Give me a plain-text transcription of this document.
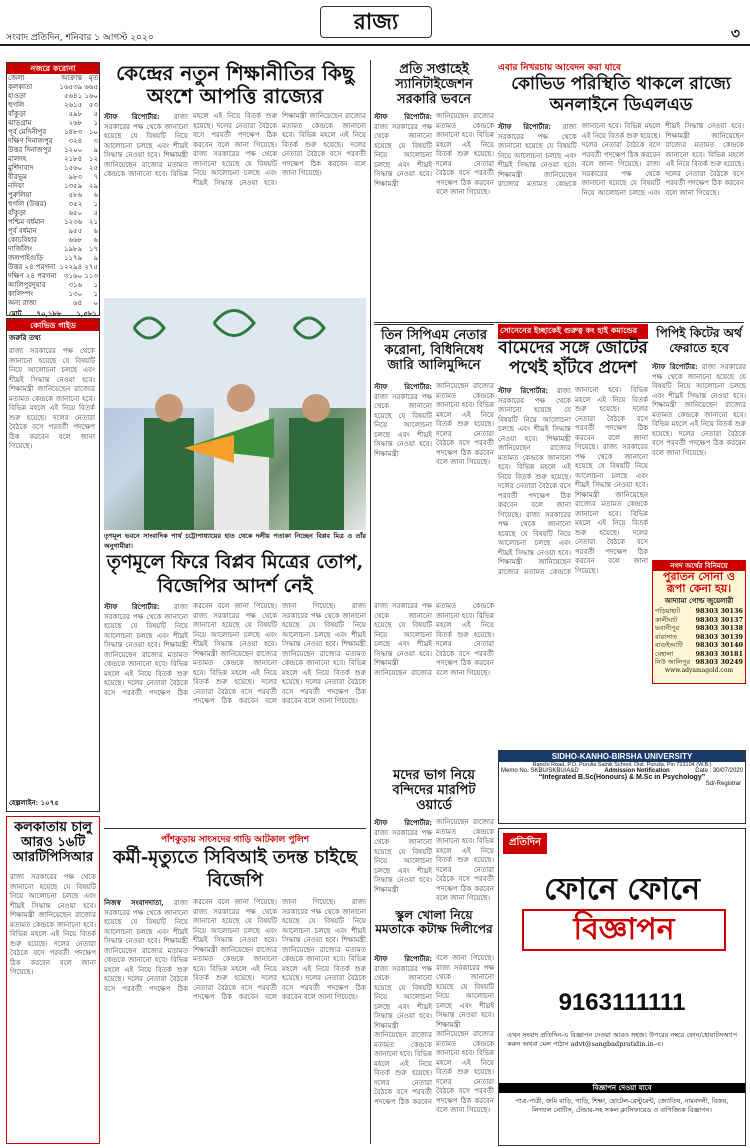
সংবাদ প্রতিদিন, শনিবার ১ আগস্ট ২০২০
রাজ্য	৩
নজরে করোনা
জেলা	আক্রান্ত	মৃত
কলকাতা	১৬৫৩৯	৬৬৫
হাওড়া	৫৬৪১	১৬০
হুগলি	২৬১৫	৫৩
বাঁকুড়া	৫৯৮	৫
ঝাড়গ্রাম	২৬৮	১
পূর্ব মেদিনীপুর	১৪৮৩	১০
দক্ষিণ দিনাজপুর	৩২৪	৩
উত্তর দিনাজপুর	১২০০	৯
মালদহ	২১৮৪	১২
মুর্শিদাবাদ	১৫৬০	২৫
বীরভূম	৯৮৩	৭
নদিয়া	১৩৫৯	২৯
পুরুলিয়া	৫৮৬	৬
হুগলি (উত্তর)	৩৫২	১
বাঁকুড়া	৬৫০	৫
পশ্চিম বর্ধমান	১২৩৬	২১
পূর্ব বর্ধমান	৯৫৫	৬
কোচবিহার	৬৬৮	৬
দার্জিলিং	১৯৮৯	১৭
জলপাইগুড়ি	১১৭৯	৯
উত্তর ২৪ পরগনা	১২২৯৪	২৭৫
দক্ষিণ ২৪ পরগনা	৩১৬০	১১৩
আলিপুরদুয়ার	৩১৬	১
কালিম্পং	১৩০	১
অন্য রাজ্য	৬৪	০
মোট ৭০,১৮৮ ১,৫৮১
কোভিড গাইড
জরুরি তথ্য
রাজ্য সরকারের পক্ষ থেকে জানানো হয়েছে যে বিষয়টি নিয়ে আলোচনা চলছে এবং শীঘ্রই সিদ্ধান্ত নেওয়া হবে। শিক্ষামন্ত্রী জানিয়েছেন রাজ্যের মতামত কেন্দ্রকে জানানো হবে। বিভিন্ন মহলে এই নিয়ে বিতর্ক শুরু হয়েছে। দলের নেতারা বৈঠকে বসে পরবর্তী পদক্ষেপ ঠিক করবেন বলে জানা গিয়েছে।
হেল্পলাইন: ১০৭৫
কলকাতায় চালু আরও ১৬টি আরটিপিসিআর
রাজ্য সরকারের পক্ষ থেকে জানানো হয়েছে যে বিষয়টি নিয়ে আলোচনা চলছে এবং শীঘ্রই সিদ্ধান্ত নেওয়া হবে। শিক্ষামন্ত্রী জানিয়েছেন রাজ্যের মতামত কেন্দ্রকে জানানো হবে। বিভিন্ন মহলে এই নিয়ে বিতর্ক শুরু হয়েছে। দলের নেতারা বৈঠকে বসে পরবর্তী পদক্ষেপ ঠিক করবেন বলে জানা গিয়েছে।
কেন্দ্রের নতুন শিক্ষানীতির কিছু অংশে আপত্তি রাজ্যের
স্টাফ রিপোর্টার: রাজ্য সরকারের পক্ষ থেকে জানানো হয়েছে যে বিষয়টি নিয়ে আলোচনা চলছে এবং শীঘ্রই সিদ্ধান্ত নেওয়া হবে। শিক্ষামন্ত্রী জানিয়েছেন রাজ্যের মতামত কেন্দ্রকে জানানো হবে। বিভিন্ন মহলে এই নিয়ে বিতর্ক শুরু হয়েছে। দলের নেতারা বৈঠকে বসে পরবর্তী পদক্ষেপ ঠিক করবেন বলে জানা গিয়েছে। রাজ্য সরকারের পক্ষ থেকে জানানো হয়েছে যে বিষয়টি নিয়ে আলোচনা চলছে এবং শীঘ্রই সিদ্ধান্ত নেওয়া হবে। শিক্ষামন্ত্রী জানিয়েছেন রাজ্যের মতামত কেন্দ্রকে জানানো হবে। বিভিন্ন মহলে এই নিয়ে বিতর্ক শুরু হয়েছে। দলের নেতারা বৈঠকে বসে পরবর্তী পদক্ষেপ ঠিক করবেন বলে জানা গিয়েছে।
তৃণমূল ভবনে সাংবাদিক পার্থ চট্টোপাধ্যায়ের হাত থেকে দলীয় পতাকা নিচ্ছেন বিপ্লব মিত্র ও তাঁর অনুগামীরা।
তৃণমূলে ফিরে বিপ্লব মিত্রের তোপ, বিজেপির আদর্শ নেই
স্টাফ রিপোর্টার: রাজ্য সরকারের পক্ষ থেকে জানানো হয়েছে যে বিষয়টি নিয়ে আলোচনা চলছে এবং শীঘ্রই সিদ্ধান্ত নেওয়া হবে। শিক্ষামন্ত্রী জানিয়েছেন রাজ্যের মতামত কেন্দ্রকে জানানো হবে। বিভিন্ন মহলে এই নিয়ে বিতর্ক শুরু হয়েছে। দলের নেতারা বৈঠকে বসে পরবর্তী পদক্ষেপ ঠিক করবেন বলে জানা গিয়েছে। রাজ্য সরকারের পক্ষ থেকে জানানো হয়েছে যে বিষয়টি নিয়ে আলোচনা চলছে এবং শীঘ্রই সিদ্ধান্ত নেওয়া হবে। শিক্ষামন্ত্রী জানিয়েছেন রাজ্যের মতামত কেন্দ্রকে জানানো হবে। বিভিন্ন মহলে এই নিয়ে বিতর্ক শুরু হয়েছে। দলের নেতারা বৈঠকে বসে পরবর্তী পদক্ষেপ ঠিক করবেন বলে জানা গিয়েছে। রাজ্য সরকারের পক্ষ থেকে জানানো হয়েছে যে বিষয়টি নিয়ে আলোচনা চলছে এবং শীঘ্রই সিদ্ধান্ত নেওয়া হবে। শিক্ষামন্ত্রী জানিয়েছেন রাজ্যের মতামত কেন্দ্রকে জানানো হবে। বিভিন্ন মহলে এই নিয়ে বিতর্ক শুরু হয়েছে। দলের নেতারা বৈঠকে বসে পরবর্তী পদক্ষেপ ঠিক করবেন বলে জানা গিয়েছে।
পাঁশকুড়ায় সাংসদের গাড়ি আটকাল পুলিশ
কর্মী-মৃত্যুতে সিবিআই তদন্ত চাইছে বিজেপি
নিজস্ব সংবাদদাতা, রাজ্য সরকারের পক্ষ থেকে জানানো হয়েছে যে বিষয়টি নিয়ে আলোচনা চলছে এবং শীঘ্রই সিদ্ধান্ত নেওয়া হবে। শিক্ষামন্ত্রী জানিয়েছেন রাজ্যের মতামত কেন্দ্রকে জানানো হবে। বিভিন্ন মহলে এই নিয়ে বিতর্ক শুরু হয়েছে। দলের নেতারা বৈঠকে বসে পরবর্তী পদক্ষেপ ঠিক করবেন বলে জানা গিয়েছে। রাজ্য সরকারের পক্ষ থেকে জানানো হয়েছে যে বিষয়টি নিয়ে আলোচনা চলছে এবং শীঘ্রই সিদ্ধান্ত নেওয়া হবে। শিক্ষামন্ত্রী জানিয়েছেন রাজ্যের মতামত কেন্দ্রকে জানানো হবে। বিভিন্ন মহলে এই নিয়ে বিতর্ক শুরু হয়েছে। দলের নেতারা বৈঠকে বসে পরবর্তী পদক্ষেপ ঠিক করবেন বলে জানা গিয়েছে। রাজ্য সরকারের পক্ষ থেকে জানানো হয়েছে যে বিষয়টি নিয়ে আলোচনা চলছে এবং শীঘ্রই সিদ্ধান্ত নেওয়া হবে। শিক্ষামন্ত্রী জানিয়েছেন রাজ্যের মতামত কেন্দ্রকে জানানো হবে। বিভিন্ন মহলে এই নিয়ে বিতর্ক শুরু হয়েছে। দলের নেতারা বৈঠকে বসে পরবর্তী পদক্ষেপ ঠিক করবেন বলে জানা গিয়েছে।
প্রতি সপ্তাহেই স্যানিটাইজেশন সরকারি ভবনে
স্টাফ রিপোর্টার: রাজ্য সরকারের পক্ষ থেকে জানানো হয়েছে যে বিষয়টি নিয়ে আলোচনা চলছে এবং শীঘ্রই সিদ্ধান্ত নেওয়া হবে। শিক্ষামন্ত্রী জানিয়েছেন রাজ্যের মতামত কেন্দ্রকে জানানো হবে। বিভিন্ন মহলে এই নিয়ে বিতর্ক শুরু হয়েছে। দলের নেতারা বৈঠকে বসে পরবর্তী পদক্ষেপ ঠিক করবেন বলে জানা গিয়েছে।
তিন সিপিএম নেতার করোনা, বিধিনিষেধ জারি আলিমুদ্দিনে
স্টাফ রিপোর্টার: রাজ্য সরকারের পক্ষ থেকে জানানো হয়েছে যে বিষয়টি নিয়ে আলোচনা চলছে এবং শীঘ্রই সিদ্ধান্ত নেওয়া হবে। শিক্ষামন্ত্রী জানিয়েছেন রাজ্যের মতামত কেন্দ্রকে জানানো হবে। বিভিন্ন মহলে এই নিয়ে বিতর্ক শুরু হয়েছে। দলের নেতারা বৈঠকে বসে পরবর্তী পদক্ষেপ ঠিক করবেন বলে জানা গিয়েছে।
রাজ্য সরকারের পক্ষ থেকে জানানো হয়েছে যে বিষয়টি নিয়ে আলোচনা চলছে এবং শীঘ্রই সিদ্ধান্ত নেওয়া হবে। শিক্ষামন্ত্রী জানিয়েছেন রাজ্যের মতামত কেন্দ্রকে জানানো হবে। বিভিন্ন মহলে এই নিয়ে বিতর্ক শুরু হয়েছে। দলের নেতারা বৈঠকে বসে পরবর্তী পদক্ষেপ ঠিক করবেন বলে জানা গিয়েছে।
মদের ভাগ নিয়ে বন্দিদের মারপিট ওয়ার্ডে
স্টাফ রিপোর্টার: রাজ্য সরকারের পক্ষ থেকে জানানো হয়েছে যে বিষয়টি নিয়ে আলোচনা চলছে এবং শীঘ্রই সিদ্ধান্ত নেওয়া হবে। শিক্ষামন্ত্রী জানিয়েছেন রাজ্যের মতামত কেন্দ্রকে জানানো হবে। বিভিন্ন মহলে এই নিয়ে বিতর্ক শুরু হয়েছে। দলের নেতারা বৈঠকে বসে পরবর্তী পদক্ষেপ ঠিক করবেন বলে জানা গিয়েছে।
স্কুল খোলা নিয়ে মমতাকে কটাক্ষ দিলীপের
স্টাফ রিপোর্টার: রাজ্য সরকারের পক্ষ থেকে জানানো হয়েছে যে বিষয়টি নিয়ে আলোচনা চলছে এবং শীঘ্রই সিদ্ধান্ত নেওয়া হবে। শিক্ষামন্ত্রী জানিয়েছেন রাজ্যের মতামত কেন্দ্রকে জানানো হবে। বিভিন্ন মহলে এই নিয়ে বিতর্ক শুরু হয়েছে। দলের নেতারা বৈঠকে বসে পরবর্তী পদক্ষেপ ঠিক করবেন বলে জানা গিয়েছে। রাজ্য সরকারের পক্ষ থেকে জানানো হয়েছে যে বিষয়টি নিয়ে আলোচনা চলছে এবং শীঘ্রই সিদ্ধান্ত নেওয়া হবে। শিক্ষামন্ত্রী জানিয়েছেন রাজ্যের মতামত কেন্দ্রকে জানানো হবে। বিভিন্ন মহলে এই নিয়ে বিতর্ক শুরু হয়েছে। দলের নেতারা বৈঠকে বসে পরবর্তী পদক্ষেপ ঠিক করবেন বলে জানা গিয়েছে।
এবার নিখরচায় আবেদন করা যাবে
কোভিড পরিস্থিতি থাকলে রাজ্যে অনলাইনে ডিএলএড
স্টাফ রিপোর্টার: রাজ্য সরকারের পক্ষ থেকে জানানো হয়েছে যে বিষয়টি নিয়ে আলোচনা চলছে এবং শীঘ্রই সিদ্ধান্ত নেওয়া হবে। শিক্ষামন্ত্রী জানিয়েছেন রাজ্যের মতামত কেন্দ্রকে জানানো হবে। বিভিন্ন মহলে এই নিয়ে বিতর্ক শুরু হয়েছে। দলের নেতারা বৈঠকে বসে পরবর্তী পদক্ষেপ ঠিক করবেন বলে জানা গিয়েছে। রাজ্য সরকারের পক্ষ থেকে জানানো হয়েছে যে বিষয়টি নিয়ে আলোচনা চলছে এবং শীঘ্রই সিদ্ধান্ত নেওয়া হবে। শিক্ষামন্ত্রী জানিয়েছেন রাজ্যের মতামত কেন্দ্রকে জানানো হবে। বিভিন্ন মহলে এই নিয়ে বিতর্ক শুরু হয়েছে। দলের নেতারা বৈঠকে বসে পরবর্তী পদক্ষেপ ঠিক করবেন বলে জানা গিয়েছে।
সোনেনের ইচ্ছাকেই গুরুত্ব কং হাই কমান্ডের
বামেদের সঙ্গে জোটের পথেই হাঁটবে প্রদেশ
স্টাফ রিপোর্টার: রাজ্য সরকারের পক্ষ থেকে জানানো হয়েছে যে বিষয়টি নিয়ে আলোচনা চলছে এবং শীঘ্রই সিদ্ধান্ত নেওয়া হবে। শিক্ষামন্ত্রী জানিয়েছেন রাজ্যের মতামত কেন্দ্রকে জানানো হবে। বিভিন্ন মহলে এই নিয়ে বিতর্ক শুরু হয়েছে। দলের নেতারা বৈঠকে বসে পরবর্তী পদক্ষেপ ঠিক করবেন বলে জানা গিয়েছে। রাজ্য সরকারের পক্ষ থেকে জানানো হয়েছে যে বিষয়টি নিয়ে আলোচনা চলছে এবং শীঘ্রই সিদ্ধান্ত নেওয়া হবে। শিক্ষামন্ত্রী জানিয়েছেন রাজ্যের মতামত কেন্দ্রকে জানানো হবে। বিভিন্ন মহলে এই নিয়ে বিতর্ক শুরু হয়েছে। দলের নেতারা বৈঠকে বসে পরবর্তী পদক্ষেপ ঠিক করবেন বলে জানা গিয়েছে। রাজ্য সরকারের পক্ষ থেকে জানানো হয়েছে যে বিষয়টি নিয়ে আলোচনা চলছে এবং শীঘ্রই সিদ্ধান্ত নেওয়া হবে। শিক্ষামন্ত্রী জানিয়েছেন রাজ্যের মতামত কেন্দ্রকে জানানো হবে। বিভিন্ন মহলে এই নিয়ে বিতর্ক শুরু হয়েছে। দলের নেতারা বৈঠকে বসে পরবর্তী পদক্ষেপ ঠিক করবেন বলে জানা গিয়েছে।
পিপিই কিটের অর্থ ফেরাতে হবে
স্টাফ রিপোর্টার: রাজ্য সরকারের পক্ষ থেকে জানানো হয়েছে যে বিষয়টি নিয়ে আলোচনা চলছে এবং শীঘ্রই সিদ্ধান্ত নেওয়া হবে। শিক্ষামন্ত্রী জানিয়েছেন রাজ্যের মতামত কেন্দ্রকে জানানো হবে। বিভিন্ন মহলে এই নিয়ে বিতর্ক শুরু হয়েছে। দলের নেতারা বৈঠকে বসে পরবর্তী পদক্ষেপ ঠিক করবেন বলে জানা গিয়েছে।
নগদ অর্থের বিনিময়ে
পুরাতন সোনা ও রূপা কেনা হয়।
আদ্যামা গোল্ড জুয়েলারী
গড়িয়াহাট 98303 30136
কালীঘাট	98303 30137
ভবানীপুর	98303 30138
বারাসাত	98303 30139
বাগুইআটি 98303 30140
বেহালা	98303 30181
নিউ আলিপুর 98303 30249
www.adyamagold.com
SIDHO-KANHO-BIRSHA UNIVERSITY
Ranchi Road, P.O. Purulia Sainik School, Dist. Purulia, Pin 723104 (W.B.)
Memo No. SKBU/SKBU/A&D	Admission Notification	Date : 30/07/2020
“Integrated B.Sc(Honours) & M.Sc in Psychology”
Sd/-Registrar
প্রতিদিন
ফোনে ফোনে
বিজ্ঞাপন
9163111111
এখন সংবাদ প্রতিদিন-এ বিজ্ঞাপন দেওয়া আরও সহজ। উপরের নম্বরে ফোন/হোয়াটসঅ্যাপ করুন অথবা মেল পাঠান advt@sangbadpratidin.in-এ।
বিজ্ঞাপন দেওয়া যাবে
পাত্র-পাত্রী, জমি বাড়ি, গাড়ি, শিক্ষা, হোটেল-রেস্টুরেন্ট, জ্যোতিষ, নামবদলী, বিক্রয়, লিগ্যাল নোটিস, টেন্ডার-সহ সকল ক্লাসিফায়েড ও বাণিজ্যিক বিজ্ঞাপন।
